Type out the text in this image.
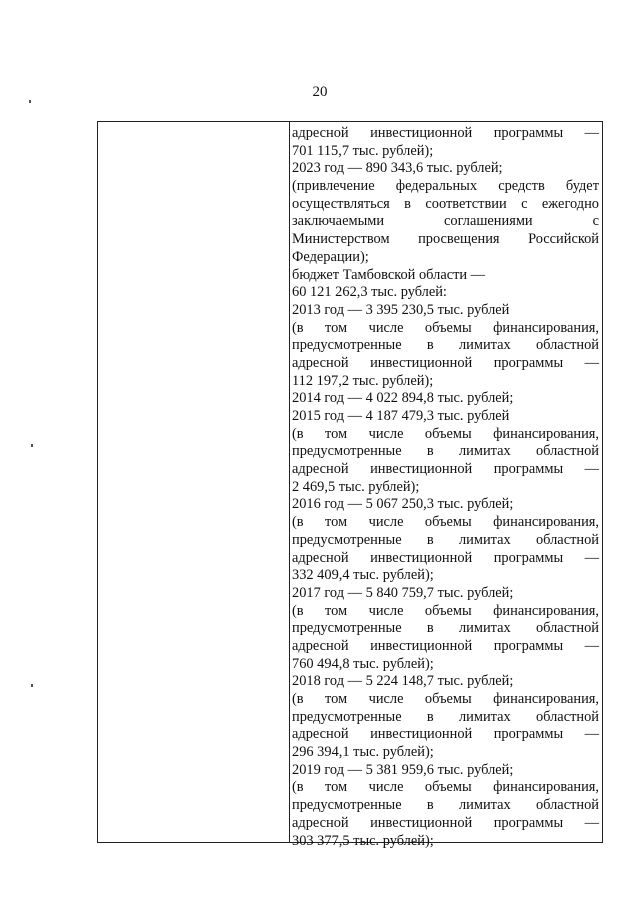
20
адресной инвестиционной программы —
701 115,7 тыс. рублей);
2023 год — 890 343,6 тыс. рублей;
(привлечение федеральных средств будет
осуществляться в соответствии с ежегодно
заключаемыми	соглашениями	с
Министерством просвещения Российской
Федерации);
бюджет Тамбовской области —
60 121 262,3 тыс. рублей:
2013 год — 3 395 230,5 тыс. рублей
(в том числе объемы финансирования,
предусмотренные в лимитах областной
адресной инвестиционной программы —
112 197,2 тыс. рублей);
2014 год — 4 022 894,8 тыс. рублей;
2015 год — 4 187 479,3 тыс. рублей
(в том числе объемы финансирования,
предусмотренные в лимитах областной
адресной инвестиционной программы —
2 469,5 тыс. рублей);
2016 год — 5 067 250,3 тыс. рублей;
(в том числе объемы финансирования,
предусмотренные в лимитах областной
адресной инвестиционной программы —
332 409,4 тыс. рублей);
2017 год — 5 840 759,7 тыс. рублей;
(в том числе объемы финансирования,
предусмотренные в лимитах областной
адресной инвестиционной программы —
760 494,8 тыс. рублей);
2018 год — 5 224 148,7 тыс. рублей;
(в том числе объемы финансирования,
предусмотренные в лимитах областной
адресной инвестиционной программы —
296 394,1 тыс. рублей);
2019 год — 5 381 959,6 тыс. рублей;
(в том числе объемы финансирования,
предусмотренные в лимитах областной
адресной инвестиционной программы —
303 377,5 тыс. рублей);
